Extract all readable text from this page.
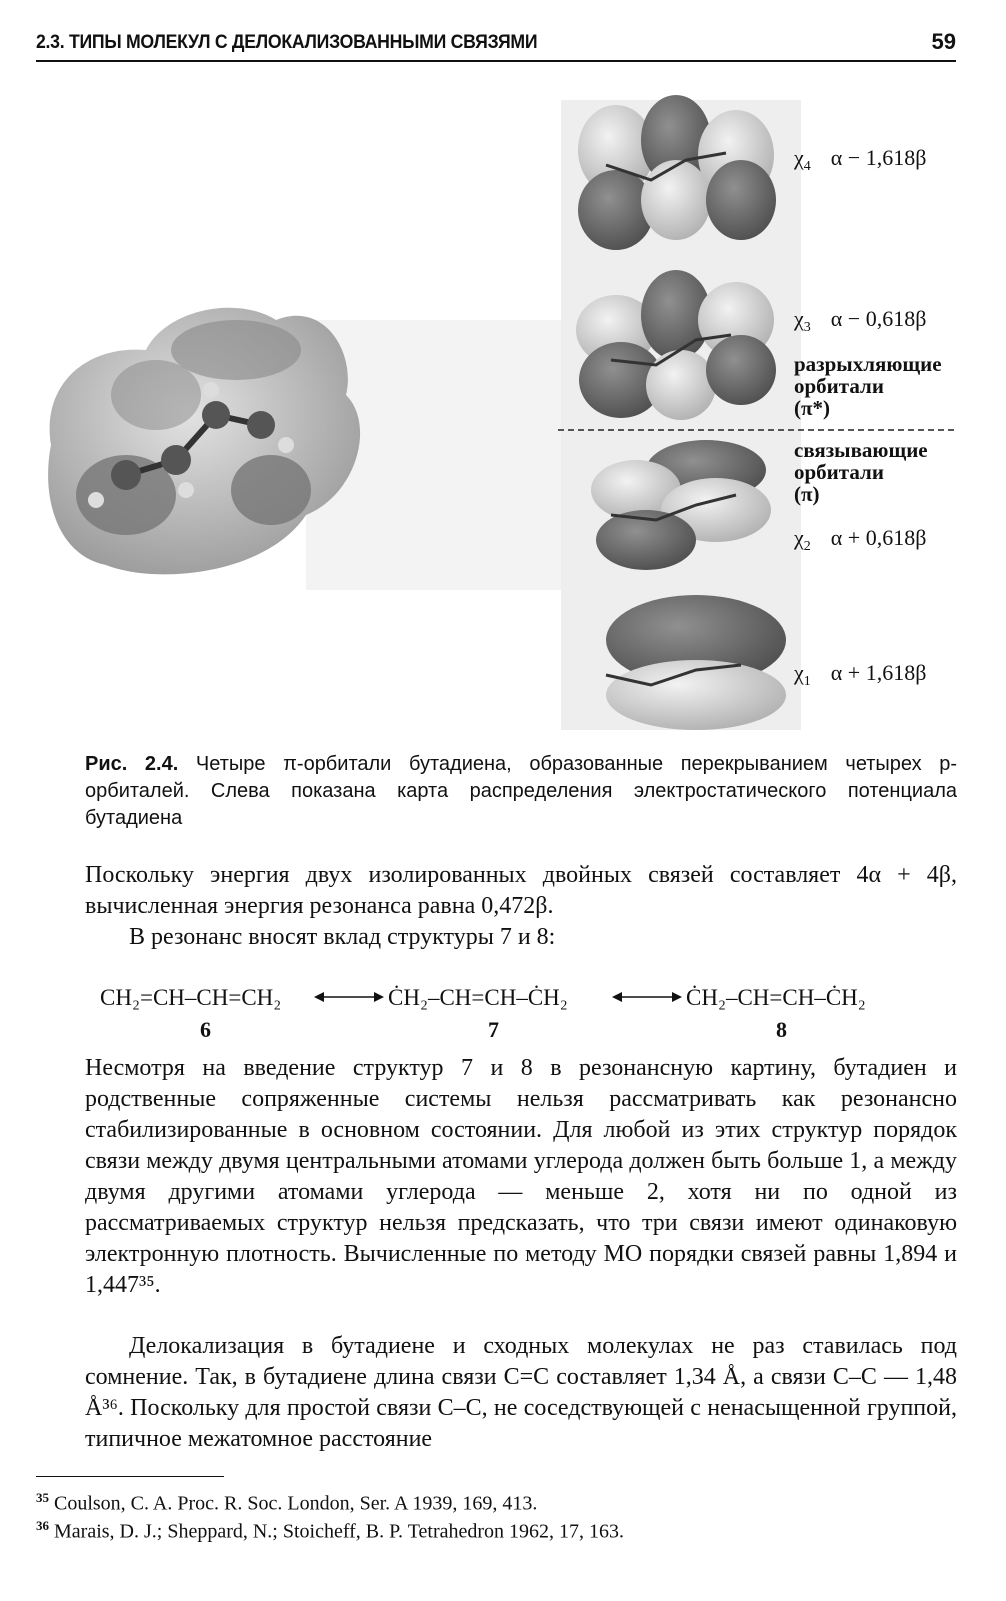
2.3. ТИПЫ МОЛЕКУЛ С ДЕЛОКАЛИЗОВАННЫМИ СВЯЗЯМИ	59
$\chi_4$ α − 1,618β
$\chi_3$ α − 0,618β
разрыхляющие
орбитали
(π*)
связывающие
орбитали
(π)
$\chi_2$ α + 0,618β
$\chi_1$ α + 1,618β
Рис. 2.4. Четыре π-орбитали бутадиена, образованные перекрыванием четырех p-орбиталей. Слева показана карта распределения электростатического потенциала бутадиена
Поскольку энергия двух изолированных двойных связей составляет 4α + 4β, вычисленная энергия резонанса равна 0,472β.
В резонанс вносят вклад структуры 7 и 8:
CH₂=CH–CH=CH₂	ĊH₂–CH=CH–ĊH₂	ĊH₂–CH=CH–ĊH₂
6	7	8
Несмотря на введение структур 7 и 8 в резонансную картину, бутадиен и родственные сопряженные системы нельзя рассматривать как резонансно стабилизированные в основном состоянии. Для любой из этих структур порядок связи между двумя центральными атомами углерода должен быть больше 1, а между двумя другими атомами углерода — меньше 2, хотя ни по одной из рассматриваемых структур нельзя предсказать, что три связи имеют одинаковую электронную плотность. Вычисленные по методу МО порядки связей равны 1,894 и 1,447³⁵.
Делокализация в бутадиене и сходных молекулах не раз ставилась под сомнение. Так, в бутадиене длина связи C=C составляет 1,34 Å, а связи C–C — 1,48 Å³⁶. Поскольку для простой связи C–C, не соседствующей с ненасыщенной группой, типичное межатомное расстояние
$^{35}$ Coulson, C. A. Proc. R. Soc. London, Ser. A 1939, 169, 413.
$^{36}$ Marais, D. J.; Sheppard, N.; Stoicheff, B. P. Tetrahedron 1962, 17, 163.
